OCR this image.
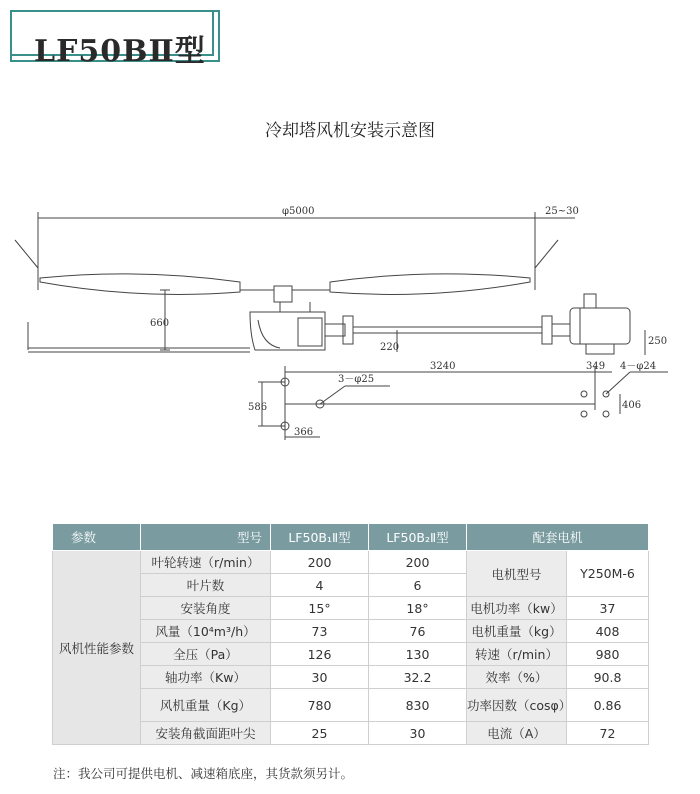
LF50BⅡ型
冷却塔风机安装示意图
φ5000	25~30
660
220
250
3240	349 4－φ24
406
3－φ25
586
366
参数	型号	LF50B₁Ⅱ型	LF50B₂Ⅱ型	配套电机	
风机性能参数	叶轮转速（r/min）	200	200	电机型号	Y250M-6
	叶片数	4	6		
	安装角度	15°	18°	电机功率（kw）	37
	风量（10⁴m³/h）	73	76	电机重量（kg）	408
	全压（Pa）	126	130	转速（r/min）	980
	轴功率（Kw）	30	32.2	效率（%）	90.8
	风机重量（Kg）	780	830	功率因数（cosφ）	0.86
	安装角截面距叶尖	25	30	电流（A）	72
注：我公司可提供电机、减速箱底座，其货款须另计。
